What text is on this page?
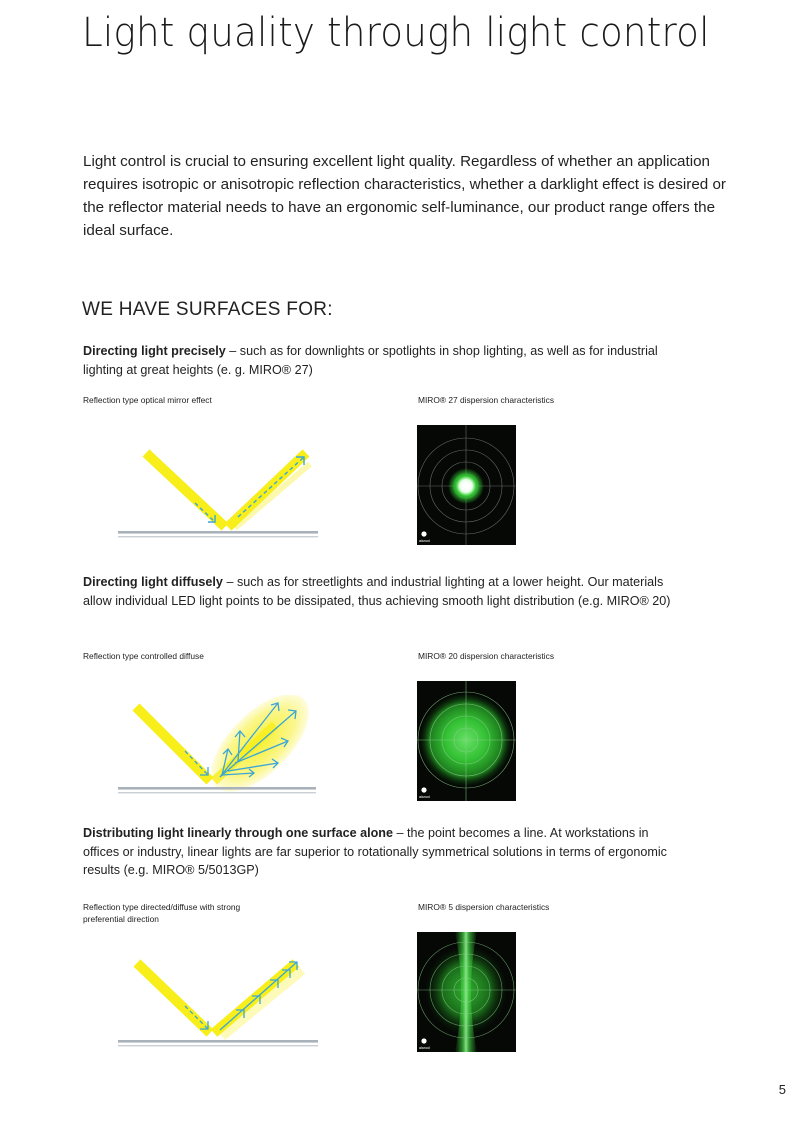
Light quality through light control
Light control is crucial to ensuring excellent light quality. Regardless of whether an application requires isotropic or anisotropic reflection characteristics, whether a darklight effect is desired or the reflector material needs to have an ergonomic self-luminance, our product range offers the ideal surface.
WE HAVE SURFACES FOR:
Directing light precisely – such as for downlights or spotlights in shop lighting, as well as for industrial lighting at great heights (e. g. MIRO® 27)
Reflection type optical mirror effect	MIRO® 27 dispersion characteristics
alanod
Directing light diffusely – such as for streetlights and industrial lighting at a lower height. Our materials allow individual LED light points to be dissipated, thus achieving smooth light distribution (e.g. MIRO® 20)
Reflection type controlled diffuse	MIRO® 20 dispersion characteristics
alanod
Distributing light linearly through one surface alone – the point becomes a line. At workstations in offices or industry, linear lights are far superior to rotationally symmetrical solutions in terms of ergonomic results (e.g. MIRO® 5/5013GP)
Reflection type directed/diffuse with strong preferential direction
MIRO® 5 dispersion characteristics
alanod
5
